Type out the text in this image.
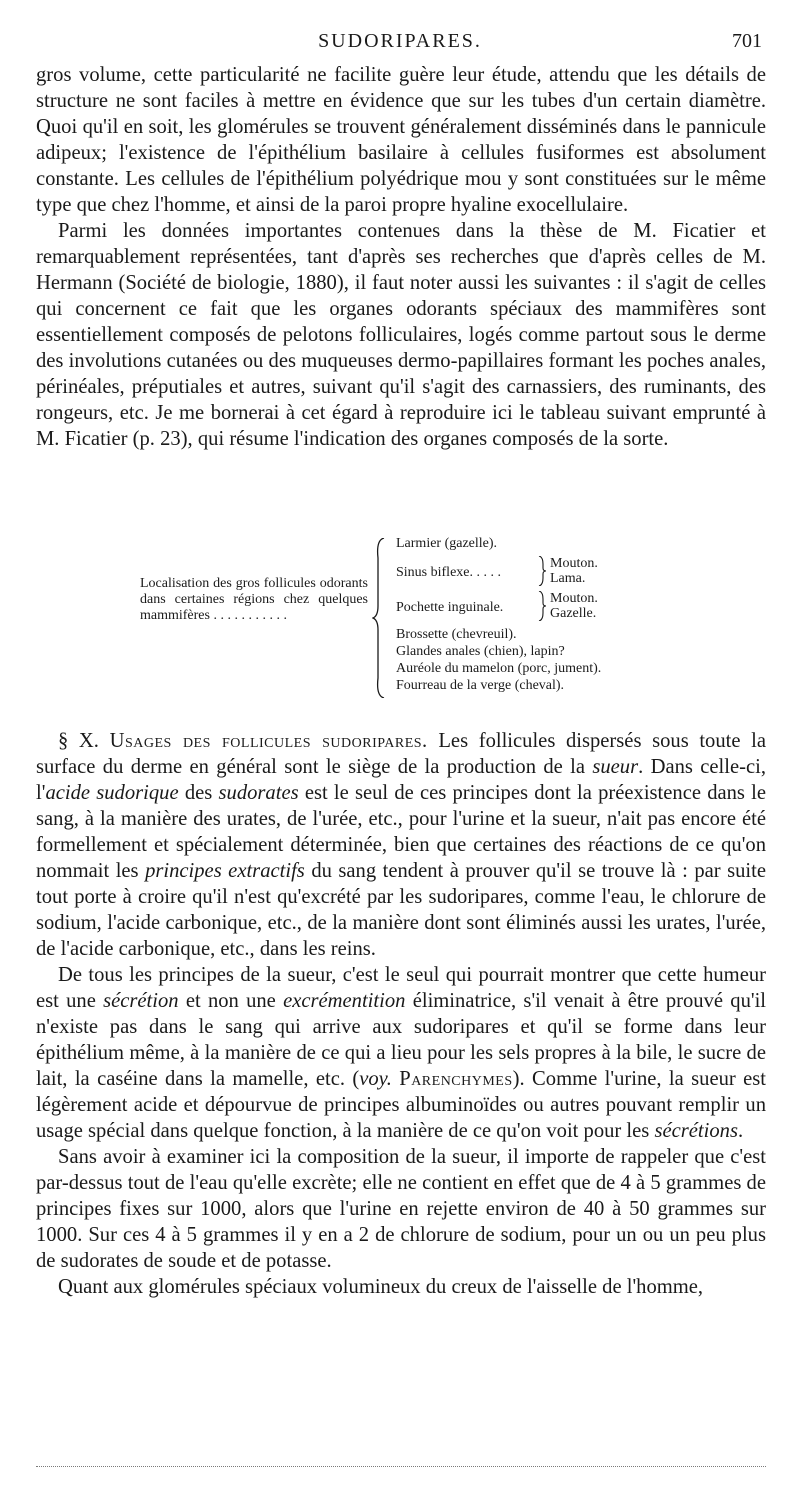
SUDORIPARES.	701

gros volume, cette particularité ne facilite guère leur étude, attendu que les détails de structure ne sont faciles à mettre en évidence que sur les tubes d'un certain diamètre. Quoi qu'il en soit, les glomérules se trouvent généralement disséminés dans le pannicule adipeux; l'existence de l'épithélium basilaire à cellules fusiformes est absolument constante. Les cellules de l'épithélium polyédrique mou y sont constituées sur le même type que chez l'homme, et ainsi de la paroi propre hyaline exocellulaire.

Parmi les données importantes contenues dans la thèse de M. Ficatier et remarquablement représentées, tant d'après ses recherches que d'après celles de M. Hermann (Société de biologie, 1880), il faut noter aussi les suivantes : il s'agit de celles qui concernent ce fait que les organes odorants spéciaux des mammifères sont essentiellement composés de pelotons folliculaires, logés comme partout sous le derme des involutions cutanées ou des muqueuses dermo-papillaires formant les poches anales, périnéales, préputiales et autres, suivant qu'il s'agit des carnassiers, des ruminants, des rongeurs, etc. Je me bornerai à cet égard à reproduire ici le tableau suivant emprunté à M. Ficatier (p. 23), qui résume l'indication des organes composés de la sorte.

Localisation des gros follicules odorants dans certaines régions chez quelques mammifères . . . . . . . . . . .
Larmier (gazelle).
Sinus biflexe. . . . .
Mouton.
Lama.
Pochette inguinale.
Mouton.
Gazelle.
Brossette (chevreuil).
Glandes anales (chien), lapin?
Auréole du mamelon (porc, jument).
Fourreau de la verge (cheval).

§ X. Usages des follicules sudoripares. Les follicules dispersés sous toute la surface du derme en général sont le siège de la production de la sueur. Dans celle-ci, l'acide sudorique des sudorates est le seul de ces principes dont la préexistence dans le sang, à la manière des urates, de l'urée, etc., pour l'urine et la sueur, n'ait pas encore été formellement et spécialement déterminée, bien que certaines des réactions de ce qu'on nommait les principes extractifs du sang tendent à prouver qu'il se trouve là : par suite tout porte à croire qu'il n'est qu'excrété par les sudoripares, comme l'eau, le chlorure de sodium, l'acide carbonique, etc., de la manière dont sont éliminés aussi les urates, l'urée, de l'acide carbonique, etc., dans les reins.

De tous les principes de la sueur, c'est le seul qui pourrait montrer que cette humeur est une sécrétion et non une excrémentition éliminatrice, s'il venait à être prouvé qu'il n'existe pas dans le sang qui arrive aux sudoripares et qu'il se forme dans leur épithélium même, à la manière de ce qui a lieu pour les sels propres à la bile, le sucre de lait, la caséine dans la mamelle, etc. (voy. Parenchymes). Comme l'urine, la sueur est légèrement acide et dépourvue de principes albuminoïdes ou autres pouvant remplir un usage spécial dans quelque fonction, à la manière de ce qu'on voit pour les sécrétions.

Sans avoir à examiner ici la composition de la sueur, il importe de rappeler que c'est par-dessus tout de l'eau qu'elle excrète; elle ne contient en effet que de 4 à 5 grammes de principes fixes sur 1000, alors que l'urine en rejette environ de 40 à 50 grammes sur 1000. Sur ces 4 à 5 grammes il y en a 2 de chlorure de sodium, pour un ou un peu plus de sudorates de soude et de potasse.

Quant aux glomérules spéciaux volumineux du creux de l'aisselle de l'homme,
